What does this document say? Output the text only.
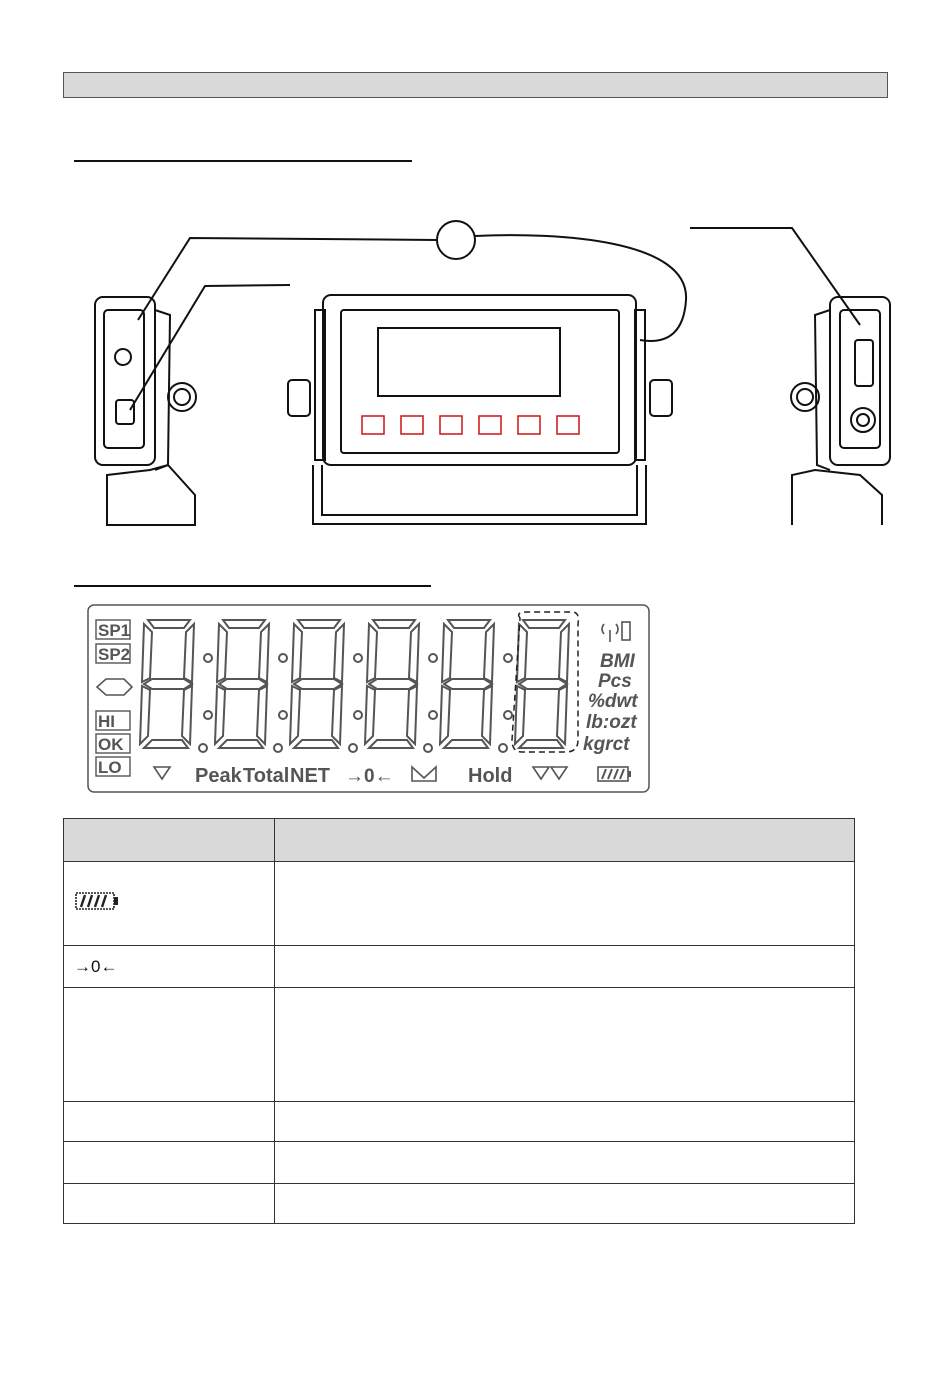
SP1
SP2
HI
OK
LO
BMI
Pcs
%dwt
lb:ozt
kgrct
Peak Total NET →0←	Hold

→0←	
